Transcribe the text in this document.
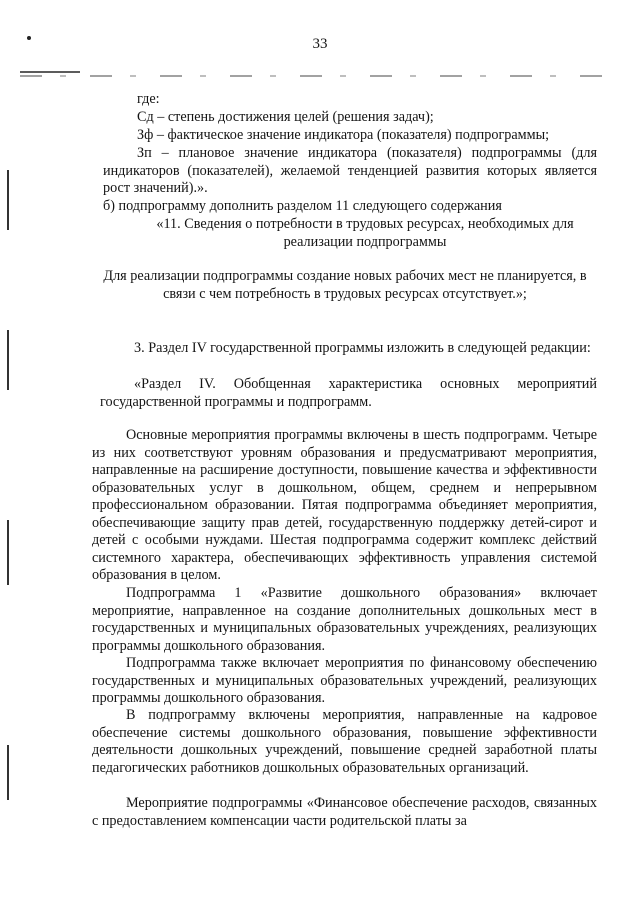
33

где:

Сд – степень достижения целей (решения задач);

Зф – фактическое значение индикатора (показателя) подпрограммы;

Зп – плановое значение индикатора (показателя) подпрограммы (для индикаторов (показателей), желаемой тенденцией развития которых является рост значений).».

б) подпрограмму дополнить разделом 11 следующего содержания

«11. Сведения о потребности в трудовых ресурсах, необходимых для реализации подпрограммы

Для реализации подпрограммы создание новых рабочих мест не планируется, в связи с чем потребность в трудовых ресурсах отсутствует.»;

3. Раздел IV государственной программы изложить в следующей редакции:

«Раздел IV. Обобщенная характеристика основных мероприятий государственной программы и подпрограмм.

Основные мероприятия программы включены в шесть подпрограмм. Четыре из них соответствуют уровням образования и предусматривают мероприятия, направленные на расширение доступности, повышение качества и эффективности образовательных услуг в дошкольном, общем, среднем и непрерывном профессиональном образовании. Пятая подпрограмма объединяет мероприятия, обеспечивающие защиту прав детей, государственную поддержку детей-сирот и детей с особыми нуждами. Шестая подпрограмма содержит комплекс действий системного характера, обеспечивающих эффективность управления системой образования в целом.

Подпрограмма 1 «Развитие дошкольного образования» включает мероприятие, направленное на создание дополнительных дошкольных мест в государственных и муниципальных образовательных учреждениях, реализующих программы дошкольного образования.

Подпрограмма также включает мероприятия по финансовому обеспечению государственных и муниципальных образовательных учреждений, реализующих программы дошкольного образования.

В подпрограмму включены мероприятия, направленные на кадровое обеспечение системы дошкольного образования, повышение эффективности деятельности дошкольных учреждений, повышение средней заработной платы педагогических работников дошкольных образовательных организаций.

Мероприятие подпрограммы «Финансовое обеспечение расходов, связанных с предоставлением компенсации части родительской платы за
